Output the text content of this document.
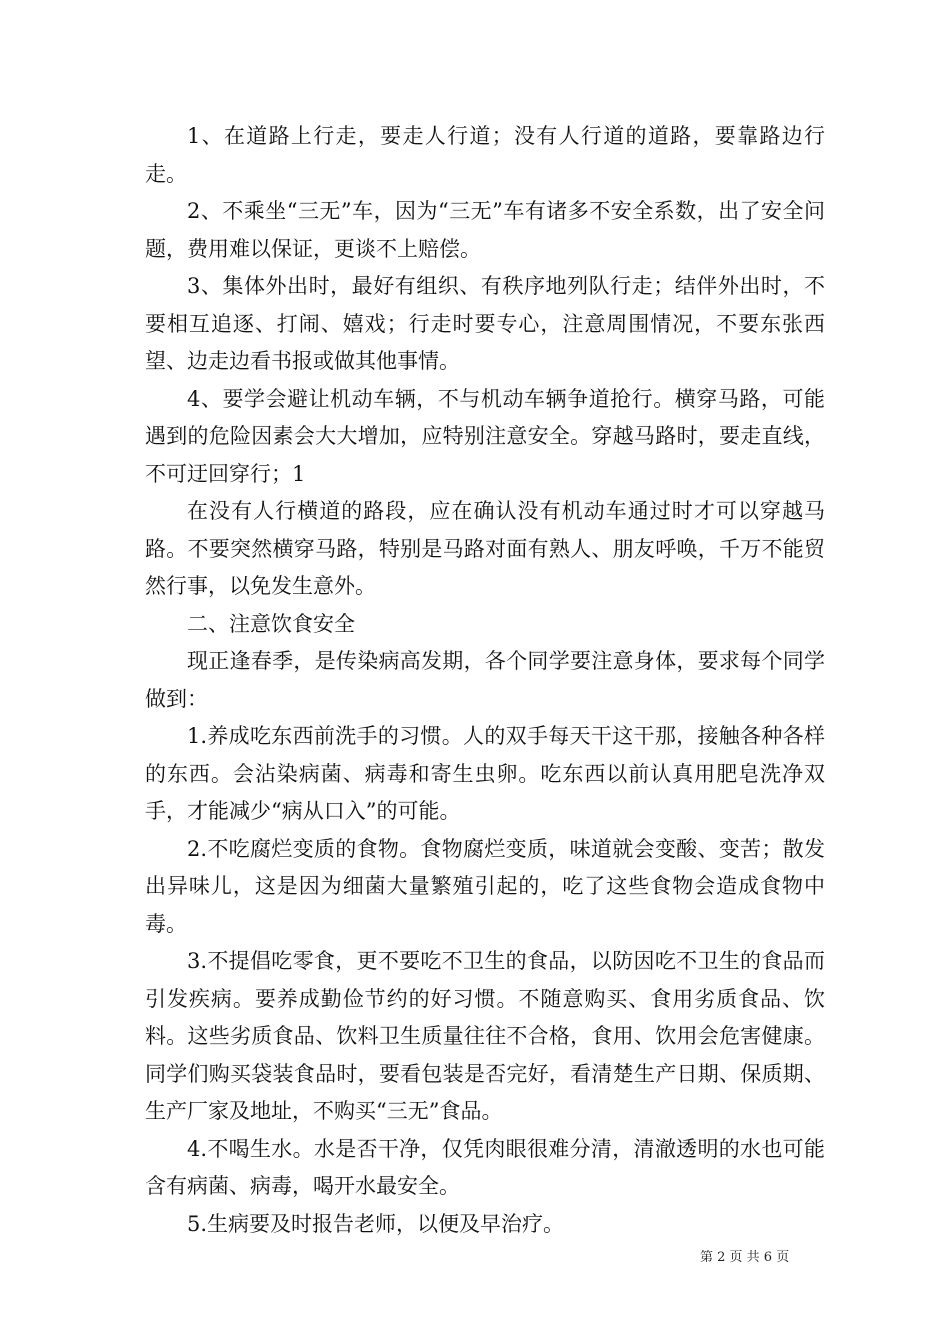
1、在道路上行走，要走人行道；没有人行道的道路，要靠路边行走。

2、不乘坐“三无”车，因为“三无”车有诸多不安全系数，出了安全问题，费用难以保证，更谈不上赔偿。

3、集体外出时，最好有组织、有秩序地列队行走；结伴外出时，不要相互追逐、打闹、嬉戏；行走时要专心，注意周围情况，不要东张西望、边走边看书报或做其他事情。

4、要学会避让机动车辆，不与机动车辆争道抢行。横穿马路，可能遇到的危险因素会大大增加，应特别注意安全。穿越马路时，要走直线，不可迂回穿行；1

在没有人行横道的路段，应在确认没有机动车通过时才可以穿越马路。不要突然横穿马路，特别是马路对面有熟人、朋友呼唤，千万不能贸然行事，以免发生意外。

二、注意饮食安全

现正逢春季，是传染病高发期，各个同学要注意身体，要求每个同学做到：

1.养成吃东西前洗手的习惯。人的双手每天干这干那，接触各种各样的东西。会沾染病菌、病毒和寄生虫卵。吃东西以前认真用肥皂洗净双手，才能减少“病从口入”的可能。

2.不吃腐烂变质的食物。食物腐烂变质，味道就会变酸、变苦；散发出异味儿，这是因为细菌大量繁殖引起的，吃了这些食物会造成食物中毒。

3.不提倡吃零食，更不要吃不卫生的食品，以防因吃不卫生的食品而引发疾病。要养成勤俭节约的好习惯。不随意购买、食用劣质食品、饮料。这些劣质食品、饮料卫生质量往往不合格，食用、饮用会危害健康。同学们购买袋装食品时，要看包装是否完好，看清楚生产日期、保质期、生产厂家及地址，不购买“三无”食品。

4.不喝生水。水是否干净，仅凭肉眼很难分清，清澈透明的水也可能含有病菌、病毒，喝开水最安全。

5.生病要及时报告老师，以便及早治疗。

第 2 页 共 6 页
